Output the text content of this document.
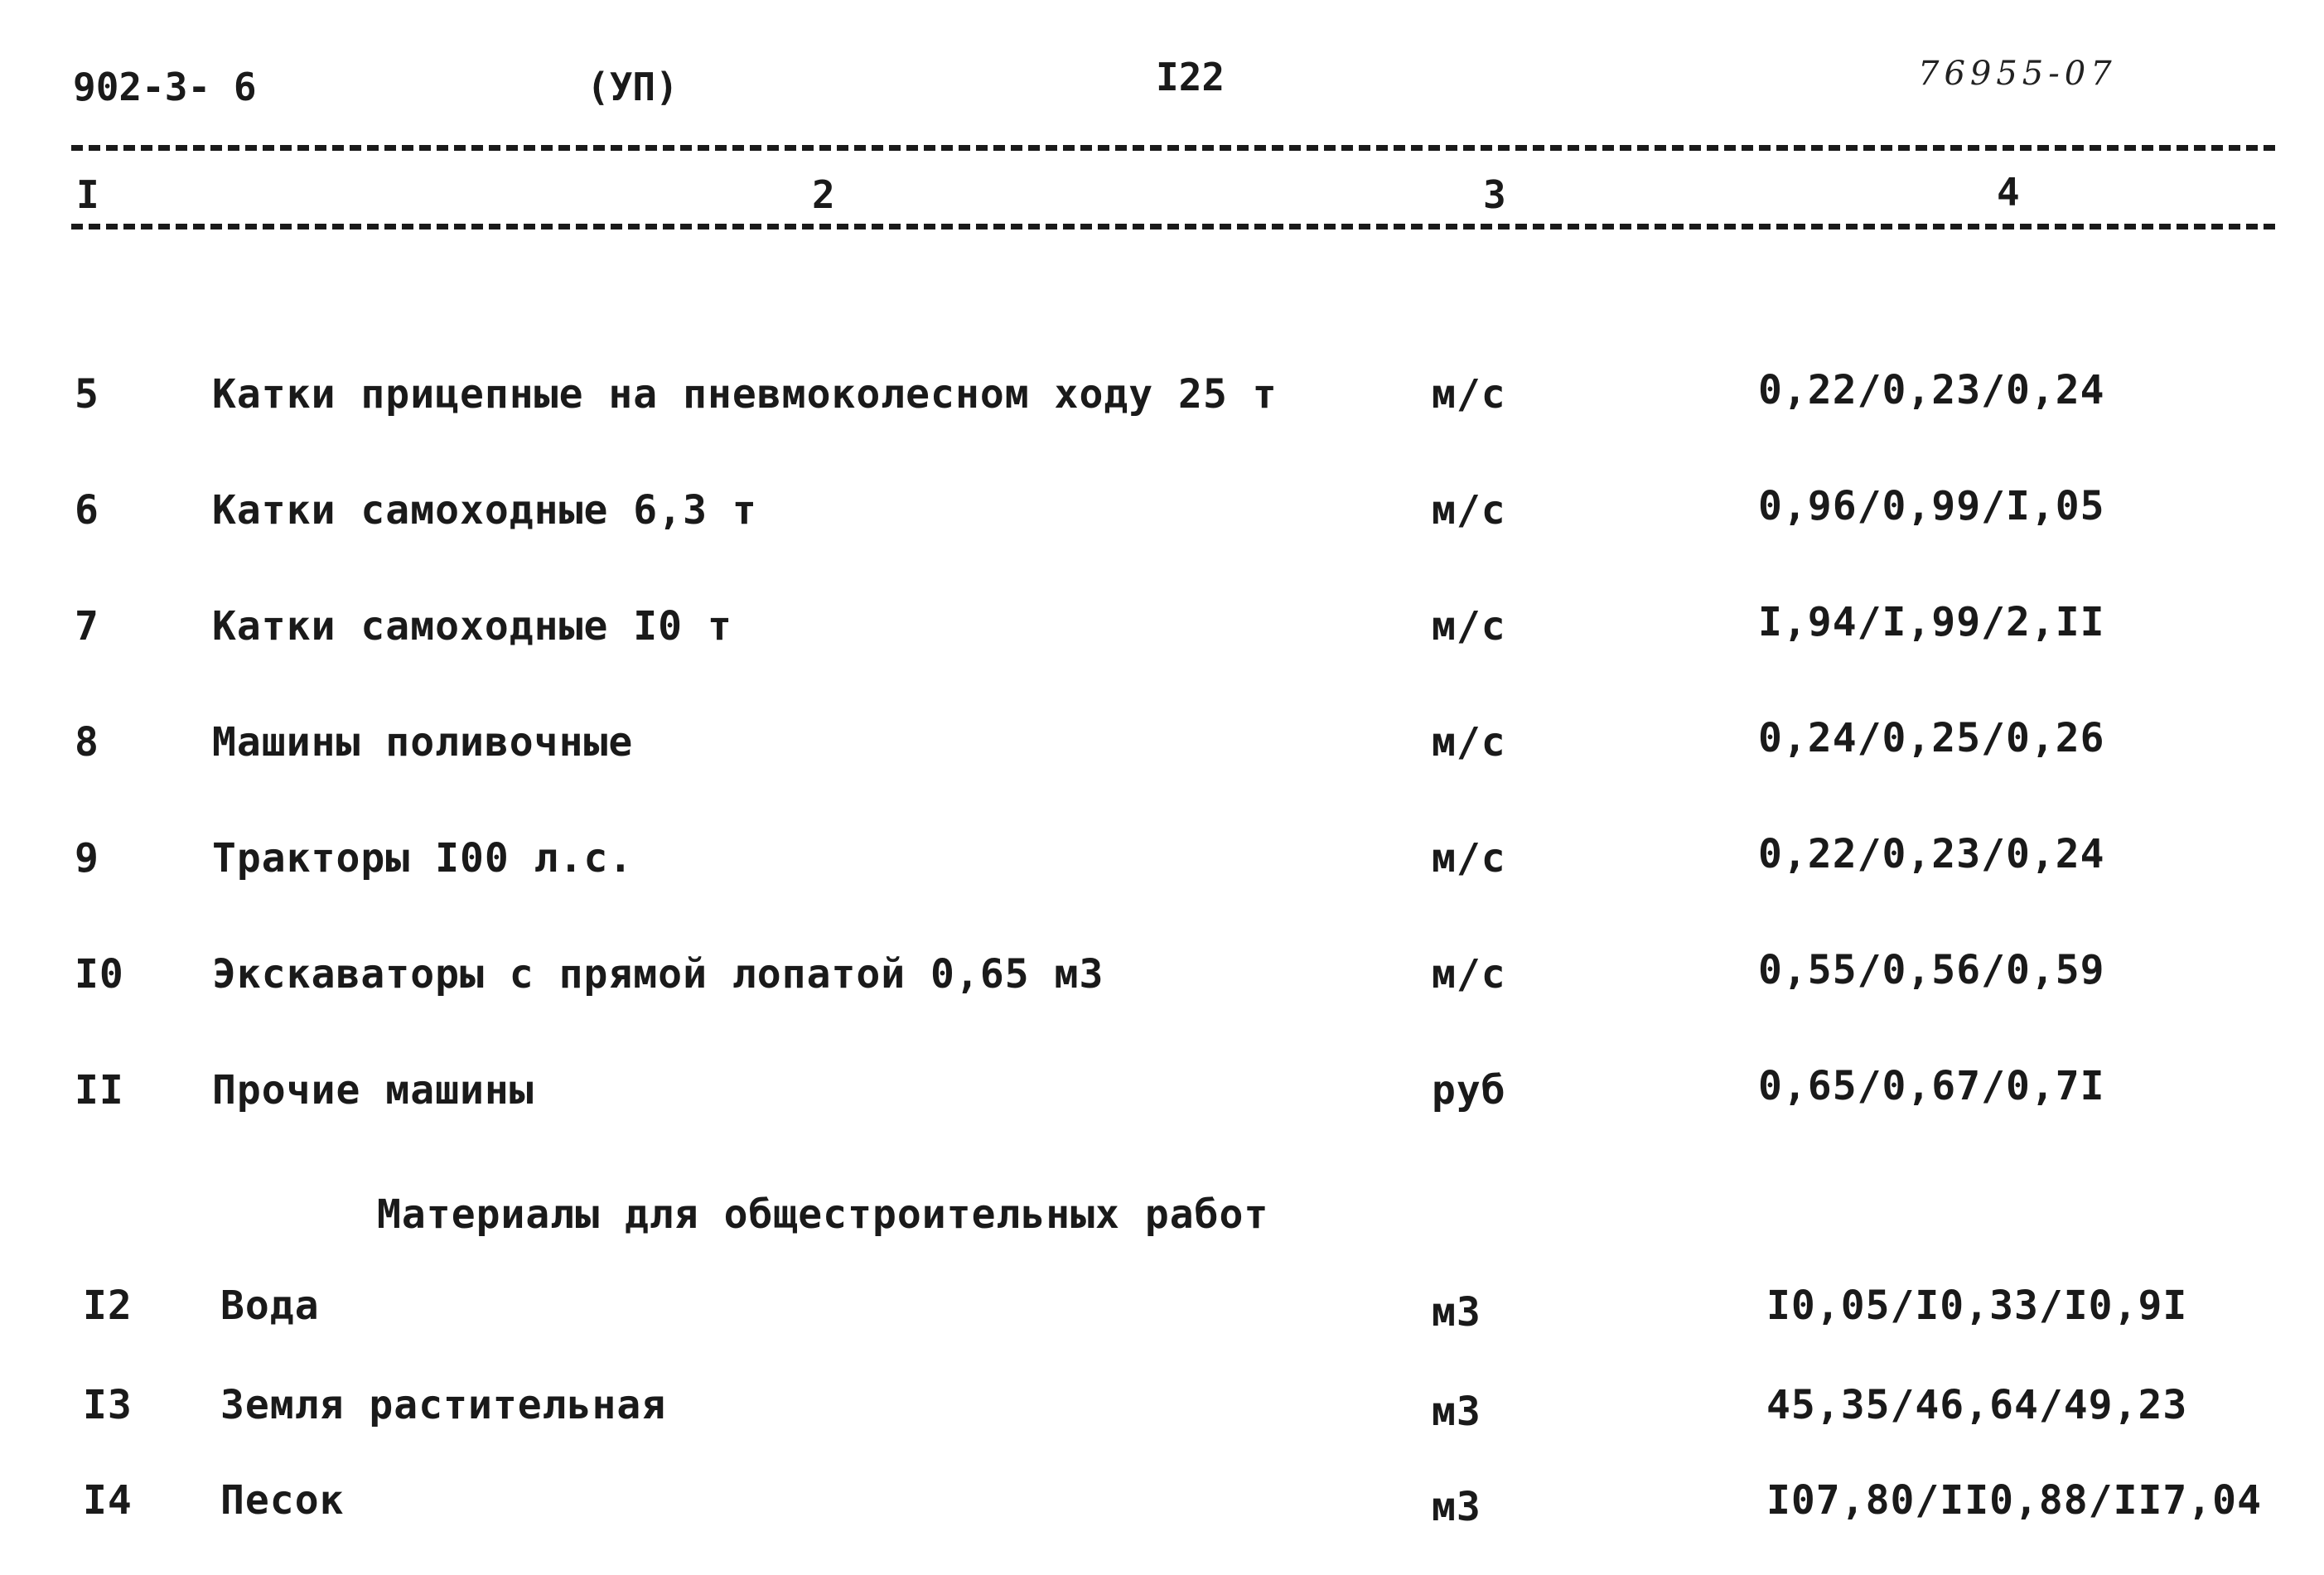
902-3- 6	(УП)	I22	76955-07
I	2	3	4
5	Катки прицепные на пневмоколесном ходу 25 т	м/с	0,22/0,23/0,24
6	Катки самоходные 6,3 т	м/с	0,96/0,99/I,05
7	Катки самоходные I0 т	м/с	I,94/I,99/2,II
8	Машины поливочные	м/с	0,24/0,25/0,26
9	Тракторы I00 л.с.	м/с	0,22/0,23/0,24
I0 Экскаваторы с прямой лопатой 0,65 м3	м/с	0,55/0,56/0,59
II Прочие машины	руб	0,65/0,67/0,7I
Материалы для общестроительных работ
I2 Вода	м3	I0,05/I0,33/I0,9I
I3 Земля растительная	м3	45,35/46,64/49,23
I4 Песок	м3	I07,80/II0,88/II7,04
